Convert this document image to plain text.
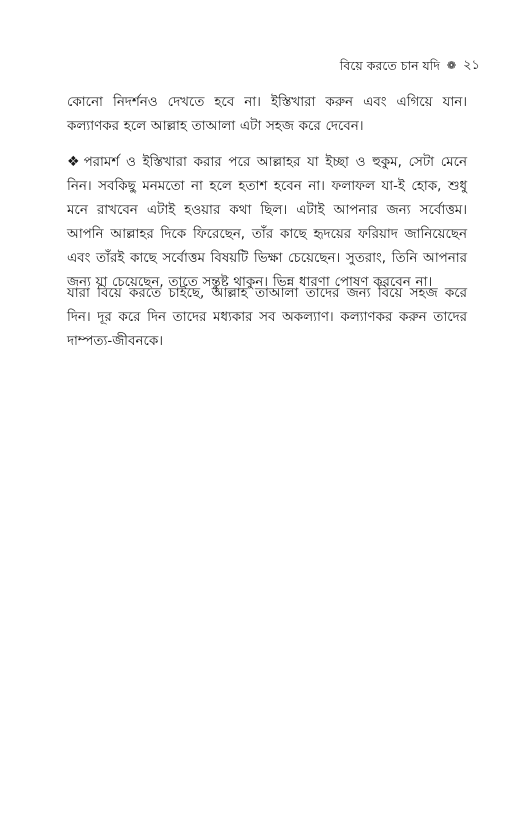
বিয়ে করতে চান যদি ❁ ২১

কোনো নিদর্শনও দেখতে হবে না। ইস্তিখারা করুন এবং এগিয়ে যান। কল্যাণকর হলে আল্লাহ তাআলা এটা সহজ করে দেবেন।

❖ পরামর্শ ও ইস্তিখারা করার পরে আল্লাহর যা ইচ্ছা ও হুকুম, সেটা মেনে নিন। সবকিছু মনমতো না হলে হতাশ হবেন না। ফলাফল যা-ই হোক, শুধু মনে রাখবেন এটাই হওয়ার কথা ছিল। এটাই আপনার জন্য সর্বোত্তম। আপনি আল্লাহর দিকে ফিরেছেন, তাঁর কাছে হৃদয়ের ফরিয়াদ জানিয়েছেন এবং তাঁরই কাছে সর্বোত্তম বিষয়টি ভিক্ষা চেয়েছেন। সুতরাং, তিনি আপনার জন্য যা চেয়েছেন, তাতে সন্তুষ্ট থাকুন। ভিন্ন ধারণা পোষণ করবেন না।

যারা বিয়ে করতে চাইছে, আল্লাহ তাআলা তাদের জন্য বিয়ে সহজ করে দিন। দূর করে দিন তাদের মধ্যকার সব অকল্যাণ। কল্যাণকর করুন তাদের দাম্পত্য-জীবনকে।
